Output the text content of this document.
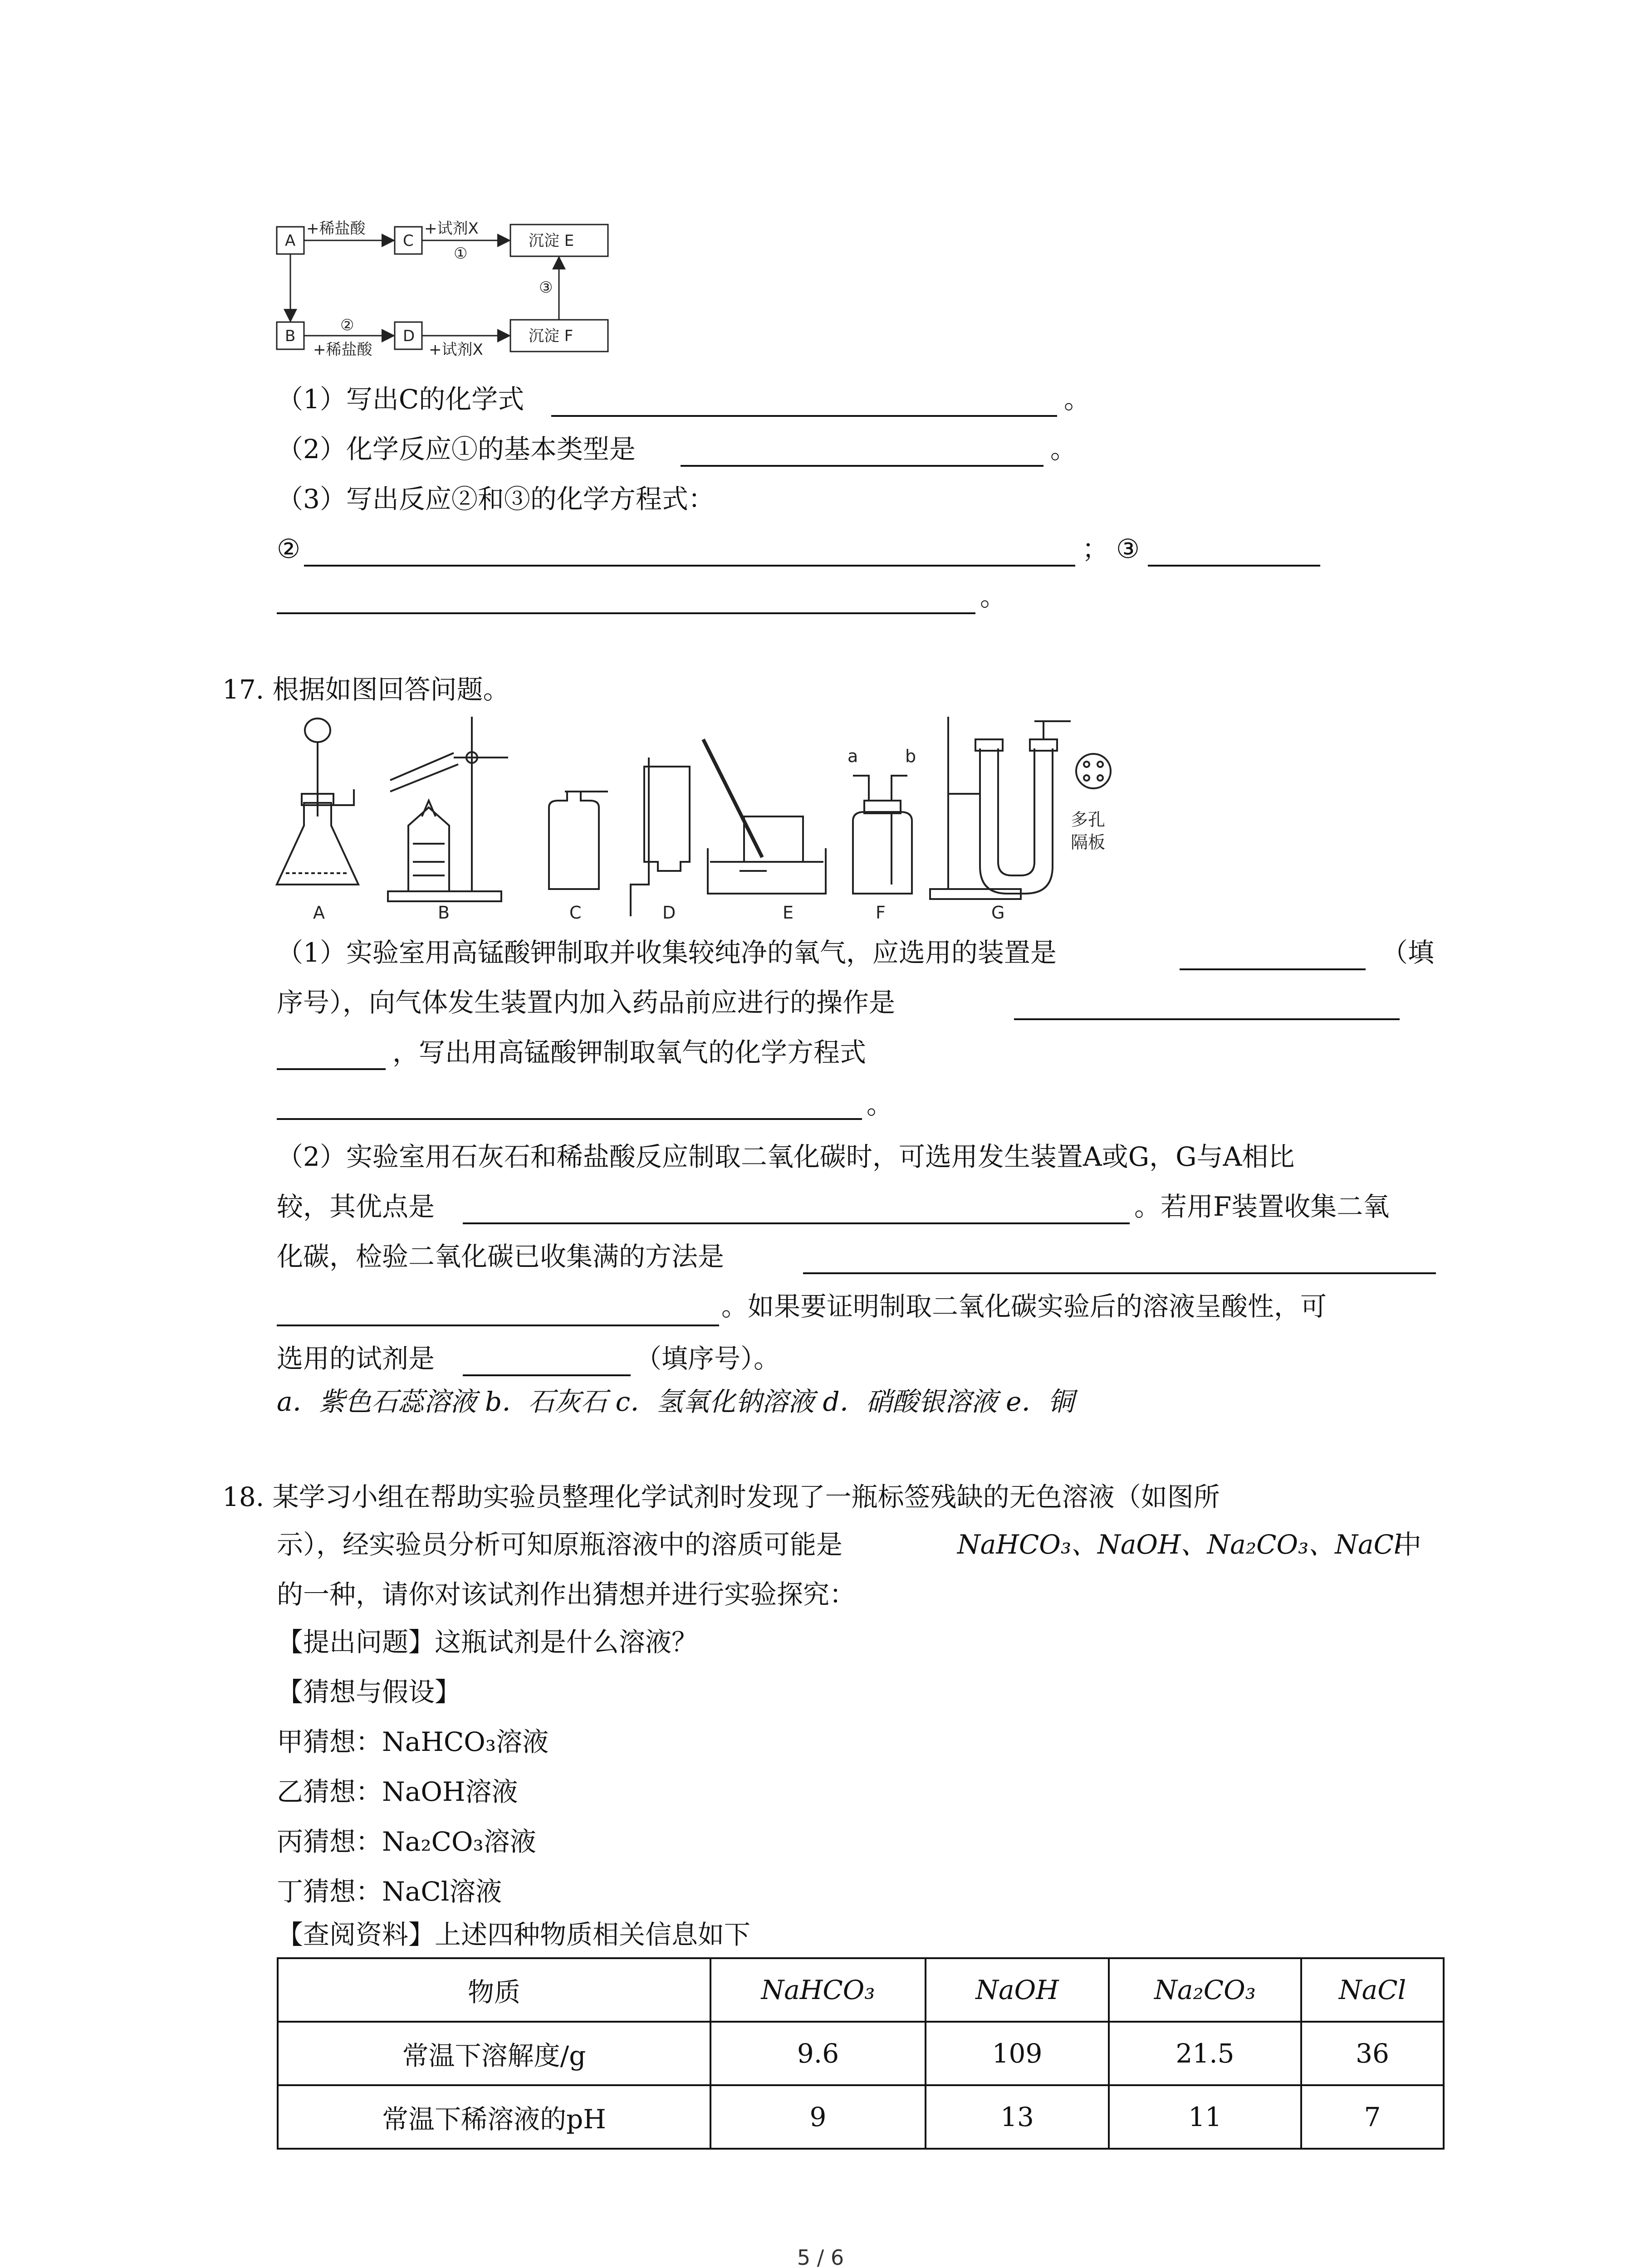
A	C	沉淀 E
B	D	沉淀 F
+稀盐酸	+试剂X
①
②
+稀盐酸	+试剂X
③
（1）写出C的化学式	。
（2）化学反应①的基本类型是	。
（3）写出反应②和③的化学方程式：
②	； ③
。
17. 根据如图回答问题。
A	B	C	D	E	F	G
a	b
多孔
隔板
（1）实验室用高锰酸钾制取并收集较纯净的氧气，应选用的装置是	（填
序号），向气体发生装置内加入药品前应进行的操作是
，写出用高锰酸钾制取氧气的化学方程式
。
（2）实验室用石灰石和稀盐酸反应制取二氧化碳时，可选用发生装置A或G，G与A相比
较，其优点是	。若用F装置收集二氧
化碳，检验二氧化碳已收集满的方法是
。如果要证明制取二氧化碳实验后的溶液呈酸性，可
选用的试剂是	（填序号）。
a．紫色石蕊溶液 b．石灰石 c．氢氧化钠溶液 d．硝酸银溶液 e．铜
18. 某学习小组在帮助实验员整理化学试剂时发现了一瓶标签残缺的无色溶液（如图所
示），经实验员分析可知原瓶溶液中的溶质可能是	NaHCO₃、NaOH、Na₂CO₃、NaCl
中
的一种，请你对该试剂作出猜想并进行实验探究：
【提出问题】这瓶试剂是什么溶液？
【猜想与假设】
甲猜想：NaHCO₃溶液
乙猜想：NaOH溶液
丙猜想：Na₂CO₃溶液
丁猜想：NaCl溶液
【查阅资料】上述四种物质相关信息如下
物质	NaHCO₃	NaOH	Na₂CO₃	NaCl
常温下溶解度/g	9.6	109	21.5	36
常温下稀溶液的pH	9	13	11	7
5 / 6
